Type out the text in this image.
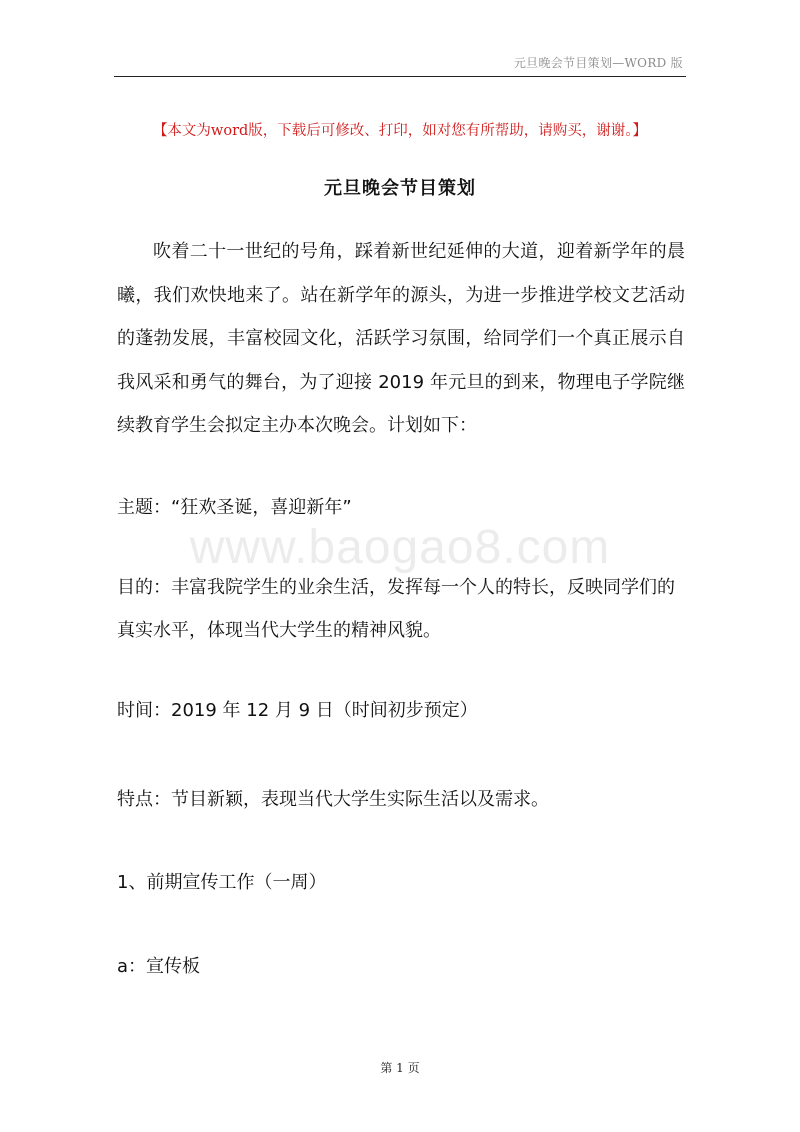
元旦晚会节目策划—WORD 版
【本文为word版，下载后可修改、打印，如对您有所帮助，请购买，谢谢。】
元旦晚会节目策划

吹着二十一世纪的号角，踩着新世纪延伸的大道，迎着新学年的晨曦，我们欢快地来了。站在新学年的源头，为进一步推进学校文艺活动的蓬勃发展，丰富校园文化，活跃学习氛围，给同学们一个真正展示自我风采和勇气的舞台，为了迎接 2019 年元旦的到来，物理电子学院继续教育学生会拟定主办本次晚会。计划如下：

主题：“狂欢圣诞，喜迎新年”

www.baogao8.com

目的：丰富我院学生的业余生活，发挥每一个人的特长，反映同学们的真实水平，体现当代大学生的精神风貌。

时间：2019 年 12 月 9 日（时间初步预定）

特点：节目新颖，表现当代大学生实际生活以及需求。

1、前期宣传工作（一周）

a：宣传板

第 1 页
